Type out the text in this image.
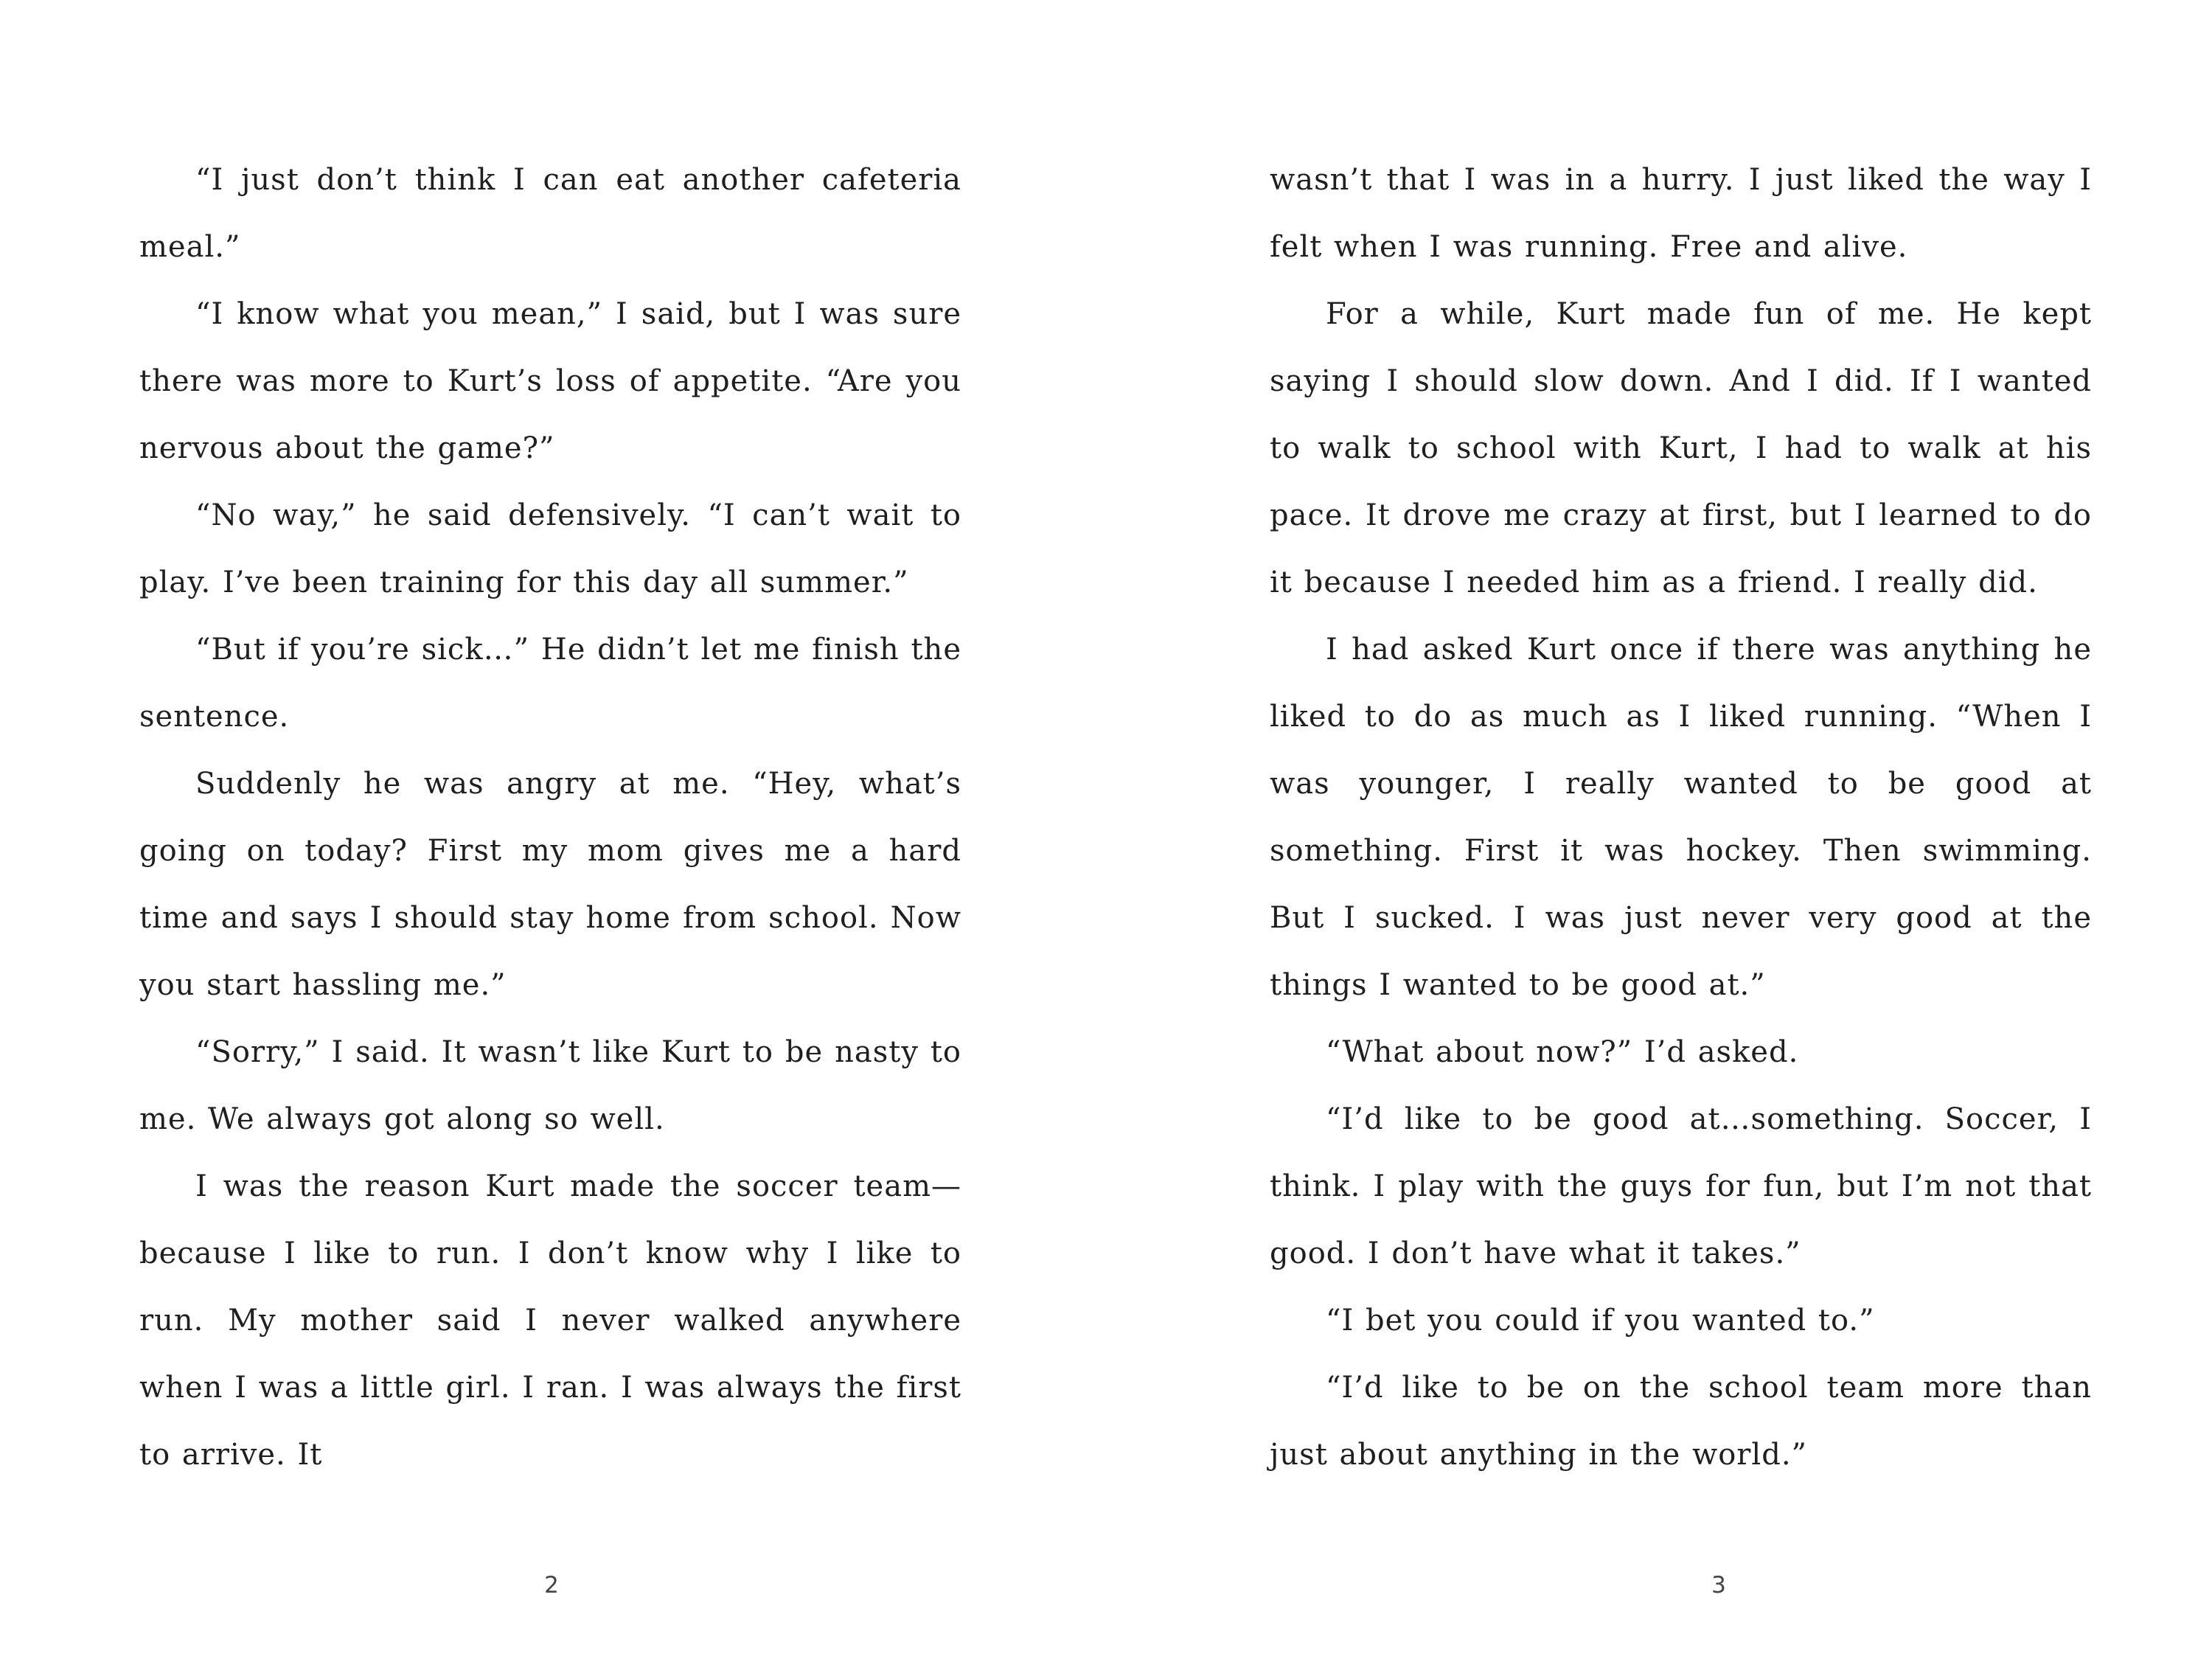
“I just don’t think I can eat another cafeteria meal.”

“I know what you mean,” I said, but I was sure there was more to Kurt’s loss of appetite. “Are you nervous about the game?”

“No way,” he said defensively. “I can’t wait to play. I’ve been training for this day all summer.”

“But if you’re sick…” He didn’t let me finish the sentence.

Suddenly he was angry at me. “Hey, what’s going on today? First my mom gives me a hard time and says I should stay home from school. Now you start hassling me.”

“Sorry,” I said. It wasn’t like Kurt to be nasty to me. We always got along so well.

I was the reason Kurt made the soccer team—because I like to run. I don’t know why I like to run. My mother said I never walked anywhere when I was a little girl. I ran. I was always the first to arrive. It

2

wasn’t that I was in a hurry. I just liked the way I felt when I was running. Free and alive.

For a while, Kurt made fun of me. He kept saying I should slow down. And I did. If I wanted to walk to school with Kurt, I had to walk at his pace. It drove me crazy at first, but I learned to do it because I needed him as a friend. I really did.

I had asked Kurt once if there was anything he liked to do as much as I liked running. “When I was younger, I really wanted to be good at something. First it was hockey. Then swimming. But I sucked. I was just never very good at the things I wanted to be good at.”

“What about now?” I’d asked.

“I’d like to be good at…something. Soccer, I think. I play with the guys for fun, but I’m not that good. I don’t have what it takes.”

“I bet you could if you wanted to.”

“I’d like to be on the school team more than just about anything in the world.”

3
